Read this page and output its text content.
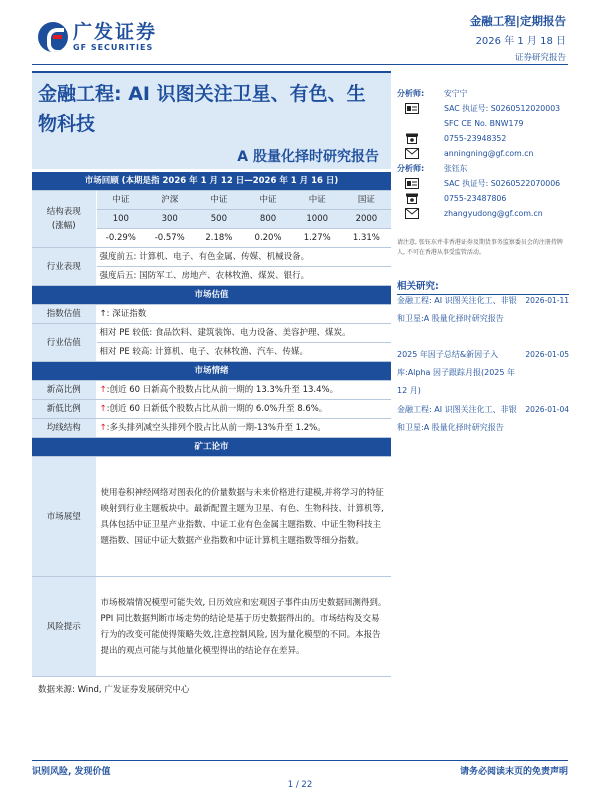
广发证券
GF SECURITIES
金融工程|定期报告
2026 年 1 月 18 日
证券研究报告
金融工程: AI 识图关注卫星、有色、生物科技
A 股量化择时研究报告
市场回顾 (本期是指 2026 年 1 月 12 日—2026 年 1 月 16 日)						
结构表现
(涨幅)	中证	沪深	中证	中证	中证	国证
	100	300	500	800	1000	2000
	-0.29%	-0.57%	2.18%	0.20%	1.27%	1.31%
行业表现	强度前五: 计算机、电子、有色金属、传媒、机械设备。					
	强度后五: 国防军工、房地产、农林牧渔、煤炭、银行。					
市场估值						
指数估值	↑: 深证指数					
行业估值	相对 PE 较低: 食品饮料、建筑装饰、电力设备、美容护理、煤炭。					
	相对 PE 较高: 计算机、电子、农林牧渔、汽车、传媒。					
市场情绪						
新高比例	↑:创近 60 日新高个股数占比从前一期的 13.3%升至 13.4%。					
新低比例	↑:创近 60 日新低个股数占比从前一期的 6.0%升至 8.6%。					
均线结构	↑:多头排列减空头排列个股占比从前一期-13%升至 1.2%。					
矿工论市						
市场展望	使用卷积神经网络对图表化的价量数据与未来价格进行建模,并将学习的特征映射到行业主题板块中。最新配置主题为卫星、有色、生物科技、计算机等,具体包括中证卫星产业指数、中证工业有色金属主题指数、中证生物科技主题指数、国证中证大数据产业指数和中证计算机主题指数等细分指数。					
风险提示	市场极端情况模型可能失效, 日历效应和宏观因子事件由历史数据回测得到。PPI 同比数据判断市场走势的结论是基于历史数据得出的。市场结构及交易行为的改变可能使得策略失效,注意控制风险, 因为量化模型的不同。本报告提出的观点可能与其他量化模型得出的结论存在差异。					
数据来源: Wind, 广发证券发展研究中心
分析师:	安宁宁
SAC 执证号: S0260512020003
SFC CE No. BNW179
0755-23948352
anningning@gf.com.cn
分析师:	张钰东
SAC 执证号: S0260522070006
0755-23487806
zhangyudong@gf.com.cn
请注意, 张钰东并非香港证券及期货事务监察委员会的注册持牌人, 不可在香港从事受监管活动。
相关研究:
金融工程: AI 识图关注化工、非银和卫星:A 股量化择时研究报告
2026-01-11
2025 年因子总结&新因子入库:Alpha 因子跟踪月报(2025 年 12 月)
2026-01-05
金融工程: AI 识图关注化工、非银和卫星:A 股量化择时研究报告
2026-01-04
识别风险, 发现价值	请务必阅读末页的免责声明
1 / 22
